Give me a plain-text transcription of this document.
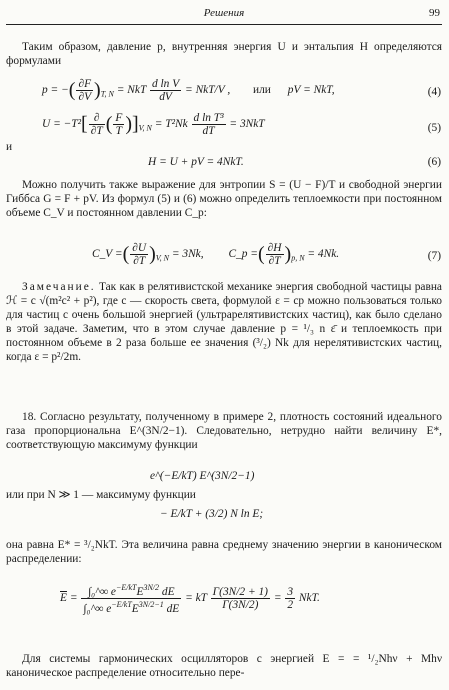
Решения	99
Таким образом, давление p, внутренняя энергия U и энтальпия H определяются формулами
p = −( $\frac{\partial F}{\partial V} )_{T, N}$ = NkT $\frac{\text{d ln V}}{dV} = NkT/V$ , или pV = NkT,	(4)
$U = -T^2[ \frac{\partial}{\partial T}$ ( $\frac{F}{T} )]_{V, N} = T^2Nk \frac{\text{d ln T³}}{dT} = 3NkT$	(5)
и
H = U + pV = 4NkT.	(6)
Можно получить также выражение для энтропии S = (U − F)/T и свободной энергии Гиббса G = F + pV. Из формул (5) и (6) можно определить теплоемкости при постоянном объеме C_V и постоянном давлении C_p:
C_V =( $\frac{\partial U}{\partial T} )_{V, N} = 3Nk$, C_p =( $\frac{\partial H}{\partial T} )_{p, N} = 4Nk$.	(7)
Замечание. Так как в релятивистской механике энергия свободной частицы равна ℋ = c √(m²c² + p²), где c — скорость света, формулой ε = cp можно пользоваться только для частиц с очень большой энергией (ультрарелятивистских частиц), как было сделано в этой задаче. Заметим, что в этом случае давление p = ¹/₃ n ε̄ и теплоемкость при постоянном объеме в 2 раза больше ее значения (³/₂) Nk для нерелятивистских частиц, когда ε = p²/2m.
18. Согласно результату, полученному в примере 2, плотность состояний идеального газа пропорциональна E^(3N/2−1). Следовательно, нетрудно найти величину E*, соответствующую максимуму функции
e^(−E/kT) E^(3N/2−1)
или при N ≫ 1 — максимуму функции
− E/kT + (3/2) N ln E;
она равна E* = ³/₂NkT. Эта величина равна среднему значению энергии в каноническом распределении:
$\overline{E} = \frac{\int_0\^{}\infty e^{-E/kT}E^{3N/2} dE}{\int_0\^{}\infty e^{-E/kT}E^{3N/2-1} dE}$ = kT $\frac{\Gamma(3N/2 + 1)}{\Gamma(3N/2)} = \frac{3}{2}$ NkT.
Для системы гармонических осцилляторов с энергией E = = ¹/₂Nhν + Mhν каноническое распределение относительно пере-
